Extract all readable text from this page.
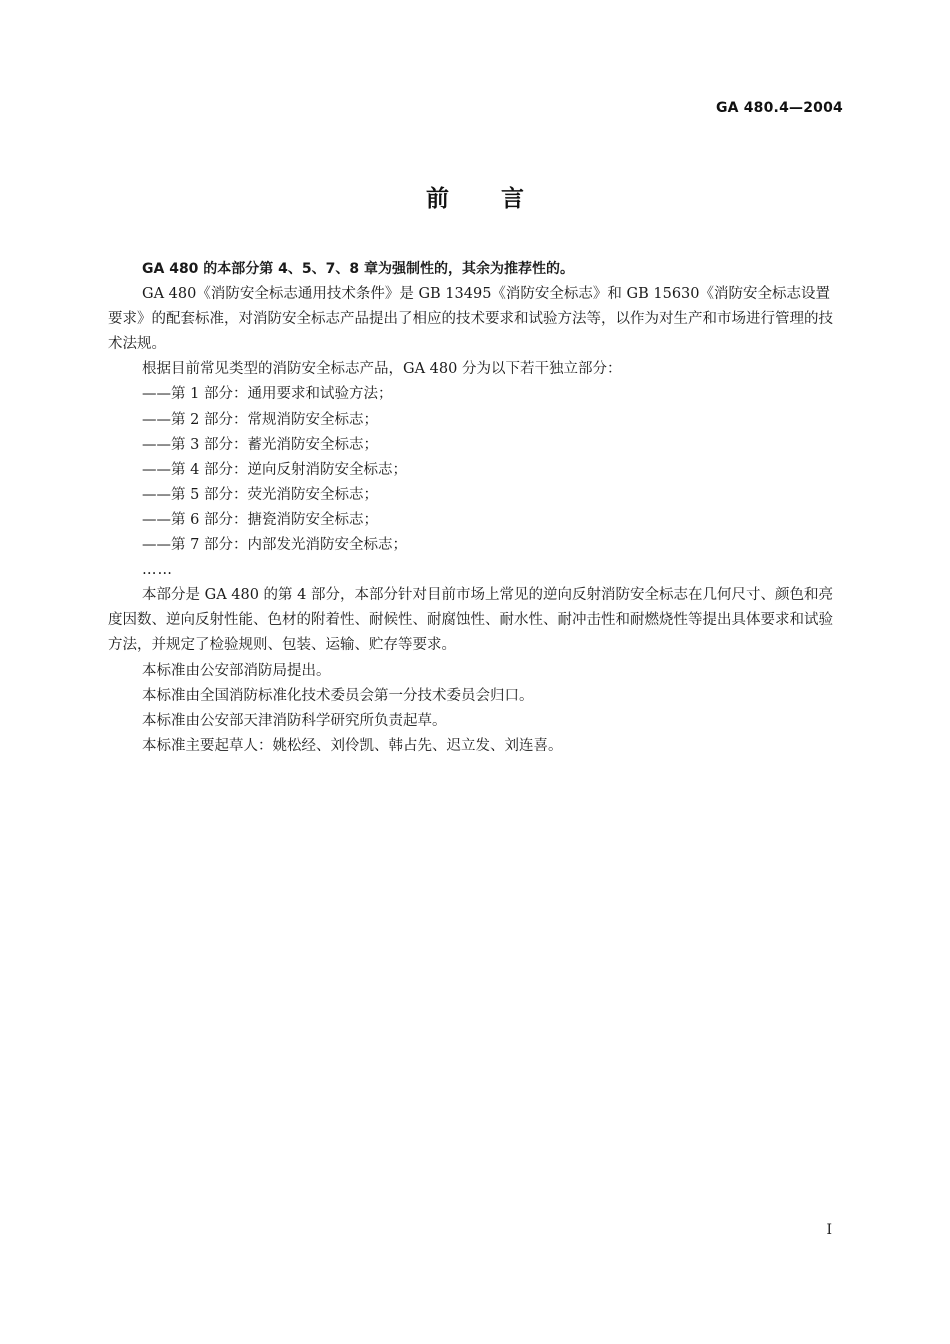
GA 480.4—2004
前言

GA 480 的本部分第 4、5、7、8 章为强制性的，其余为推荐性的。

GA 480《消防安全标志通用技术条件》是 GB 13495《消防安全标志》和 GB 15630《消防安全标志设置要求》的配套标准，对消防安全标志产品提出了相应的技术要求和试验方法等，以作为对生产和市场进行管理的技术法规。

根据目前常见类型的消防安全标志产品，GA 480 分为以下若干独立部分：

——第 1 部分：通用要求和试验方法；

——第 2 部分：常规消防安全标志；

——第 3 部分：蓄光消防安全标志；

——第 4 部分：逆向反射消防安全标志；

——第 5 部分：荧光消防安全标志；

——第 6 部分：搪瓷消防安全标志；

——第 7 部分：内部发光消防安全标志；

……

本部分是 GA 480 的第 4 部分，本部分针对目前市场上常见的逆向反射消防安全标志在几何尺寸、颜色和亮度因数、逆向反射性能、色材的附着性、耐候性、耐腐蚀性、耐水性、耐冲击性和耐燃烧性等提出具体要求和试验方法，并规定了检验规则、包装、运输、贮存等要求。

本标准由公安部消防局提出。

本标准由全国消防标准化技术委员会第一分技术委员会归口。

本标准由公安部天津消防科学研究所负责起草。

本标准主要起草人：姚松经、刘伶凯、韩占先、迟立发、刘连喜。

I
